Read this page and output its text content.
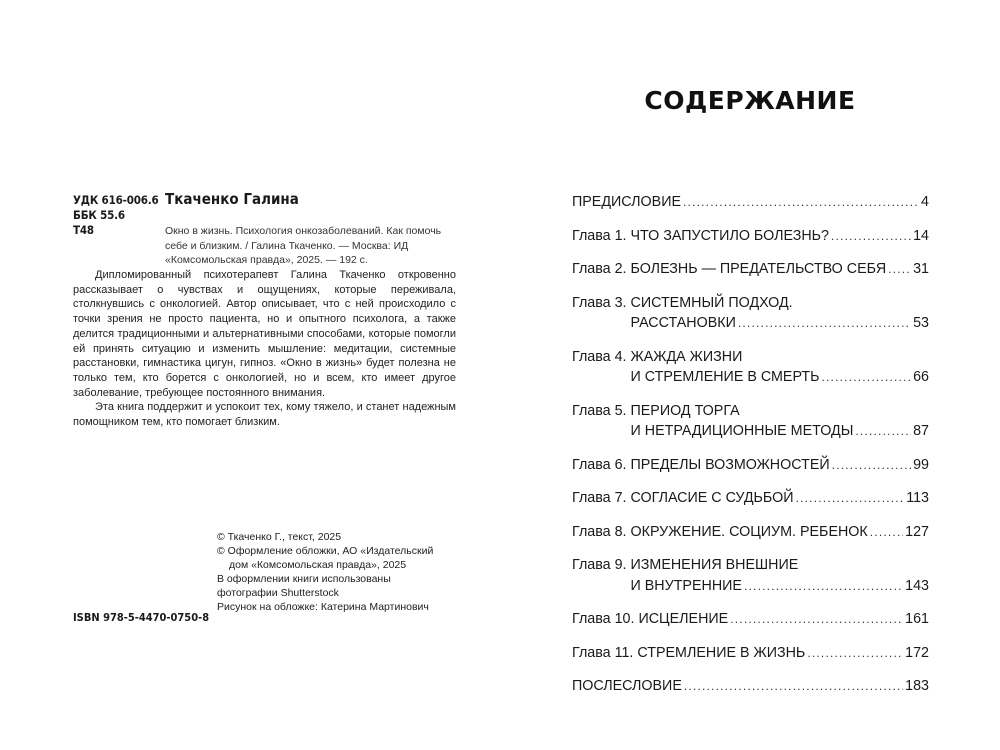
УДК 616-006.6
ББК 55.6
Т48
Ткаченко Галина
Окно в жизнь. Психология онкозаболеваний. Как помочь себе и близким. / Галина Ткаченко. — Москва: ИД «Комсомольская правда», 2025. — 192 с.

Дипломированный психотерапевт Галина Ткаченко откровенно рассказывает о чувствах и ощущениях, которые переживала, столкнувшись с онкологией. Автор описывает, что с ней происходило с точки зрения не просто пациента, но и опытного психолога, а также делится традиционными и альтернативными способами, которые помогли ей принять ситуацию и изменить мышление: медитации, системные расстановки, гимнастика цигун, гипноз. «Окно в жизнь» будет полезна не только тем, кто борется с онкологией, но и всем, кто имеет другое заболевание, требующее постоянного внимания.

Эта книга поддержит и успокоит тех, кому тяжело, и станет надежным помощником тем, кто помогает близким.

© Ткаченко Г., текст, 2025
© Оформление обложки, АО «Издательский
дом «Комсомольская правда», 2025
В оформлении книги использованы
фотографии Shutterstock
Рисунок на обложке: Катерина Мартинович
ISBN 978-5-4470-0750-8
СОДЕРЖАНИЕ
ПРЕДИСЛОВИЕ .....	4
Глава 1. ЧТО ЗАПУСТИЛО БОЛЕЗНЬ? .....	14
Глава 2. БОЛЕЗНЬ — ПРЕДАТЕЛЬСТВО СЕБЯ ..... 31
Глава 3. СИСТЕМНЫЙ ПОДХОД.
РАССТАНОВКИ .....	53
Глава 4. ЖАЖДА ЖИЗНИ
И СТРЕМЛЕНИЕ В СМЕРТЬ .....	66
Глава 5. ПЕРИОД ТОРГА
И НЕТРАДИЦИОННЫЕ МЕТОДЫ .....	87
Глава 6. ПРЕДЕЛЫ ВОЗМОЖНОСТЕЙ .....	99
Глава 7. СОГЛАСИЕ С СУДЬБОЙ .....	113
Глава 8. ОКРУЖЕНИЕ. СОЦИУМ. РЕБЕНОК .....	127
Глава 9. ИЗМЕНЕНИЯ ВНЕШНИЕ
И ВНУТРЕННИЕ .....	143
Глава 10. ИСЦЕЛЕНИЕ .....	161
Глава 11. СТРЕМЛЕНИЕ В ЖИЗНЬ .....	172
ПОСЛЕСЛОВИЕ .....	183
